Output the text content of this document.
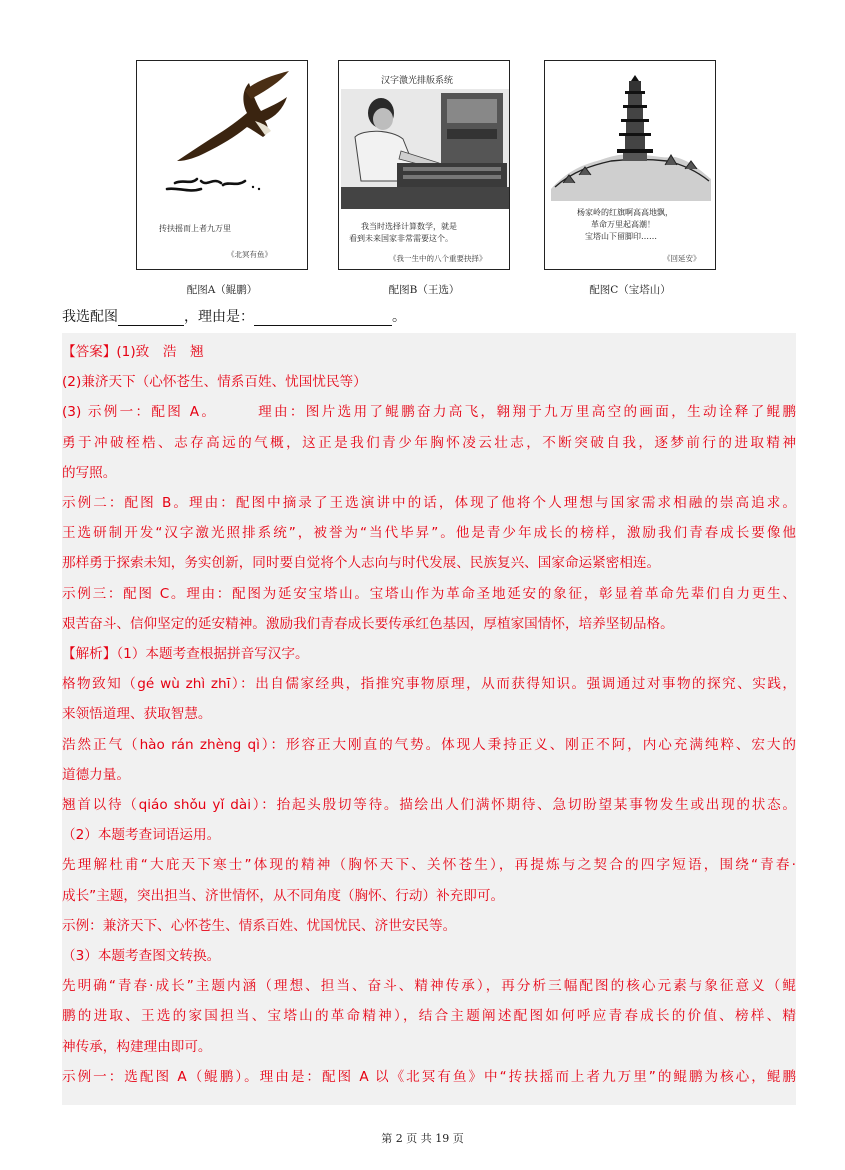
抟扶摇而上者九万里
《北冥有鱼》
配图A（鲲鹏）
汉字激光排版系统
我当时选择计算数学，就是
看到未来国家非常需要这个。
《我一生中的八个重要抉择》
配图B（王选）
杨家岭的红旗啊高高地飘，
革命万里起高潮！
宝塔山下留脚印……
《回延安》
配图C（宝塔山）
我选配图	，理由是：	。

【答案】(1)致　浩　翘

(2)兼济天下（心怀苍生、情系百姓、忧国忧民等）

(3) 示例一：配图 A。　　　理由：图片选用了鲲鹏奋力高飞，翱翔于九万里高空的画面，生动诠释了鲲鹏

勇于冲破桎梏、志存高远的气概，这正是我们青少年胸怀凌云壮志，不断突破自我，逐梦前行的进取精神

的写照。

示例二：配图 B。理由：配图中摘录了王选演讲中的话，体现了他将个人理想与国家需求相融的崇高追求。

王选研制开发“汉字激光照排系统”，被誉为“当代毕昇”。他是青少年成长的榜样，激励我们青春成长要像他

那样勇于探索未知，务实创新，同时要自觉将个人志向与时代发展、民族复兴、国家命运紧密相连。

示例三：配图 C。理由：配图为延安宝塔山。宝塔山作为革命圣地延安的象征，彰显着革命先辈们自力更生、

艰苦奋斗、信仰坚定的延安精神。激励我们青春成长要传承红色基因，厚植家国情怀，培养坚韧品格。

【解析】（1）本题考查根据拼音写汉字。

格物致知（gé wù zhì zhī）：出自儒家经典，指推究事物原理，从而获得知识。强调通过对事物的探究、实践，

来领悟道理、获取智慧。

浩然正气（hào rán zhèng qì）：形容正大刚直的气势。体现人秉持正义、刚正不阿，内心充满纯粹、宏大的

道德力量。

翘首以待（qiáo shǒu yǐ dài）：抬起头殷切等待。描绘出人们满怀期待、急切盼望某事物发生或出现的状态。

（2）本题考查词语运用。

先理解杜甫“大庇天下寒士”体现的精神（胸怀天下、关怀苍生），再提炼与之契合的四字短语，围绕“青春·

成长”主题，突出担当、济世情怀，从不同角度（胸怀、行动）补充即可。

示例：兼济天下、心怀苍生、情系百姓、忧国忧民、济世安民等。

（3）本题考查图文转换。

先明确“青春·成长”主题内涵（理想、担当、奋斗、精神传承），再分析三幅配图的核心元素与象征意义（鲲

鹏的进取、王选的家国担当、宝塔山的革命精神），结合主题阐述配图如何呼应青春成长的价值、榜样、精

神传承，构建理由即可。

示例一：选配图 A（鲲鹏）。理由是：配图 A 以《北冥有鱼》中“抟扶摇而上者九万里”的鲲鹏为核心，鲲鹏

第 2 页 共 19 页
